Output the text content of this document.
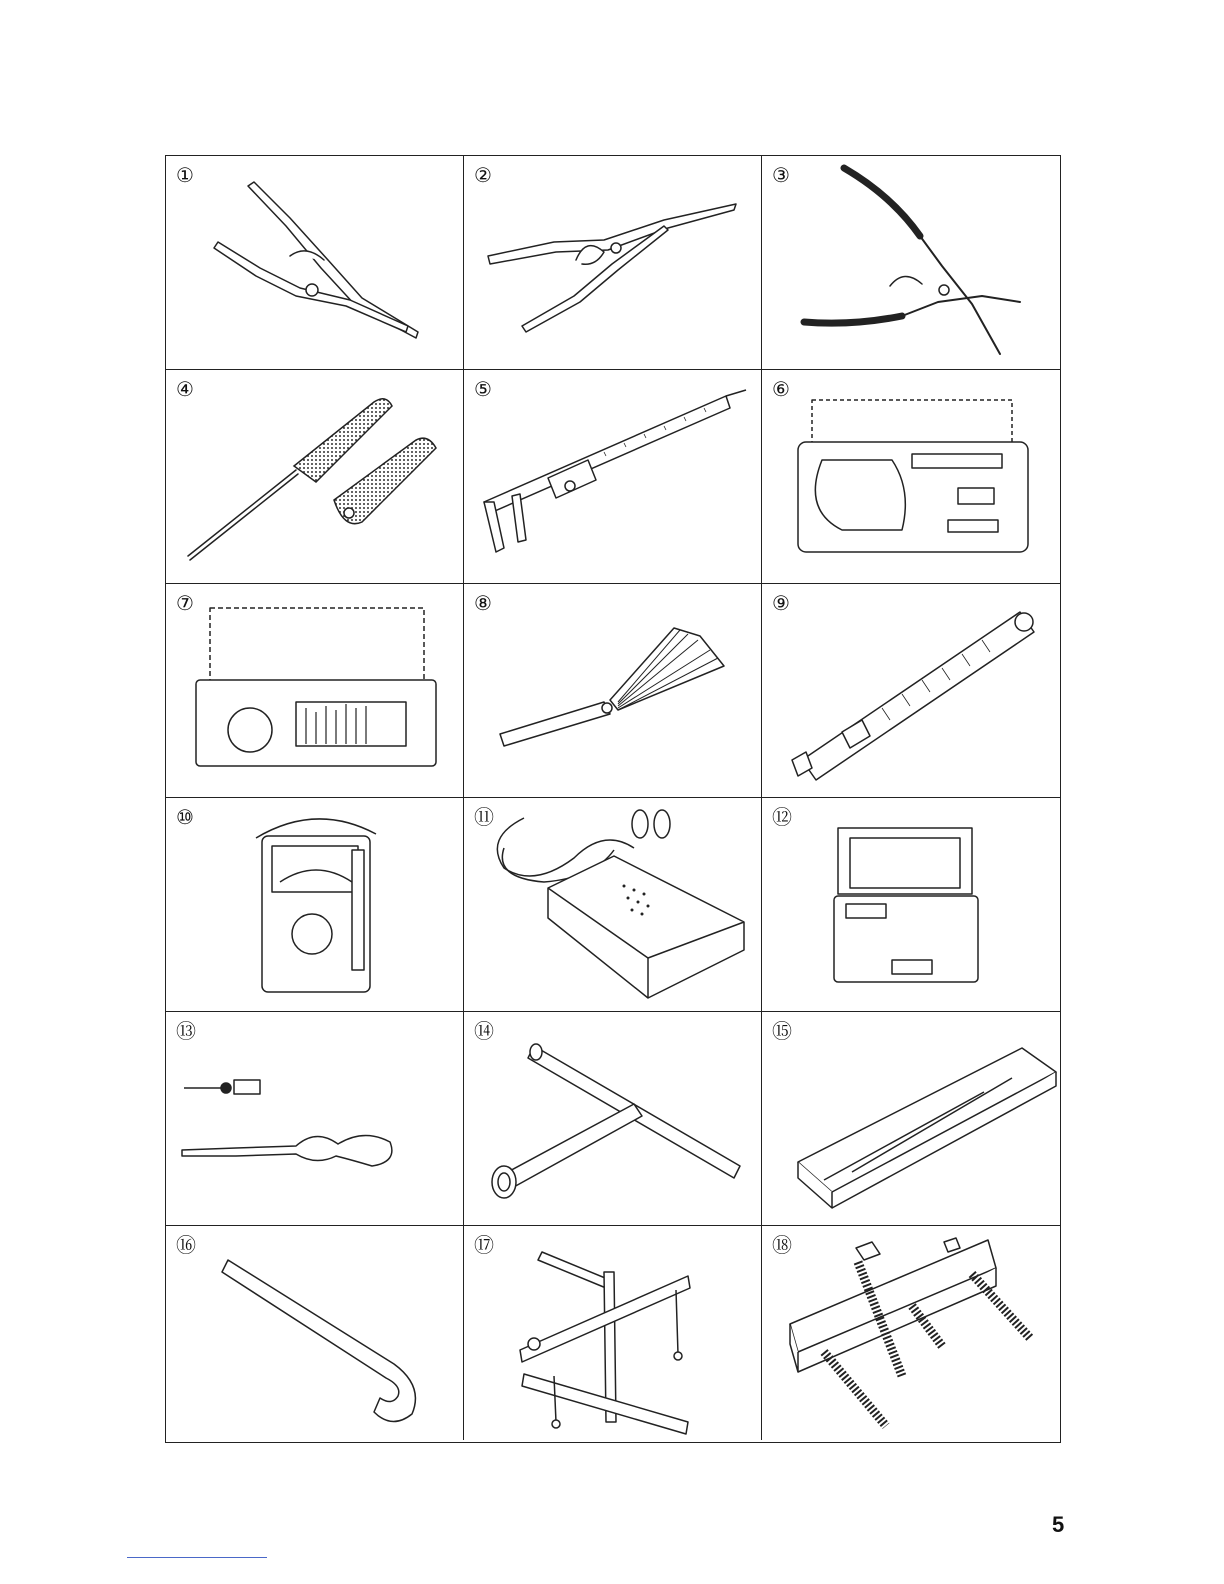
①	②	③
④	⑤	⑥
⑦	⑧	⑨
⑩	⑪	⑫
⑬	⑭	⑮
⑯	⑰	⑱
5
